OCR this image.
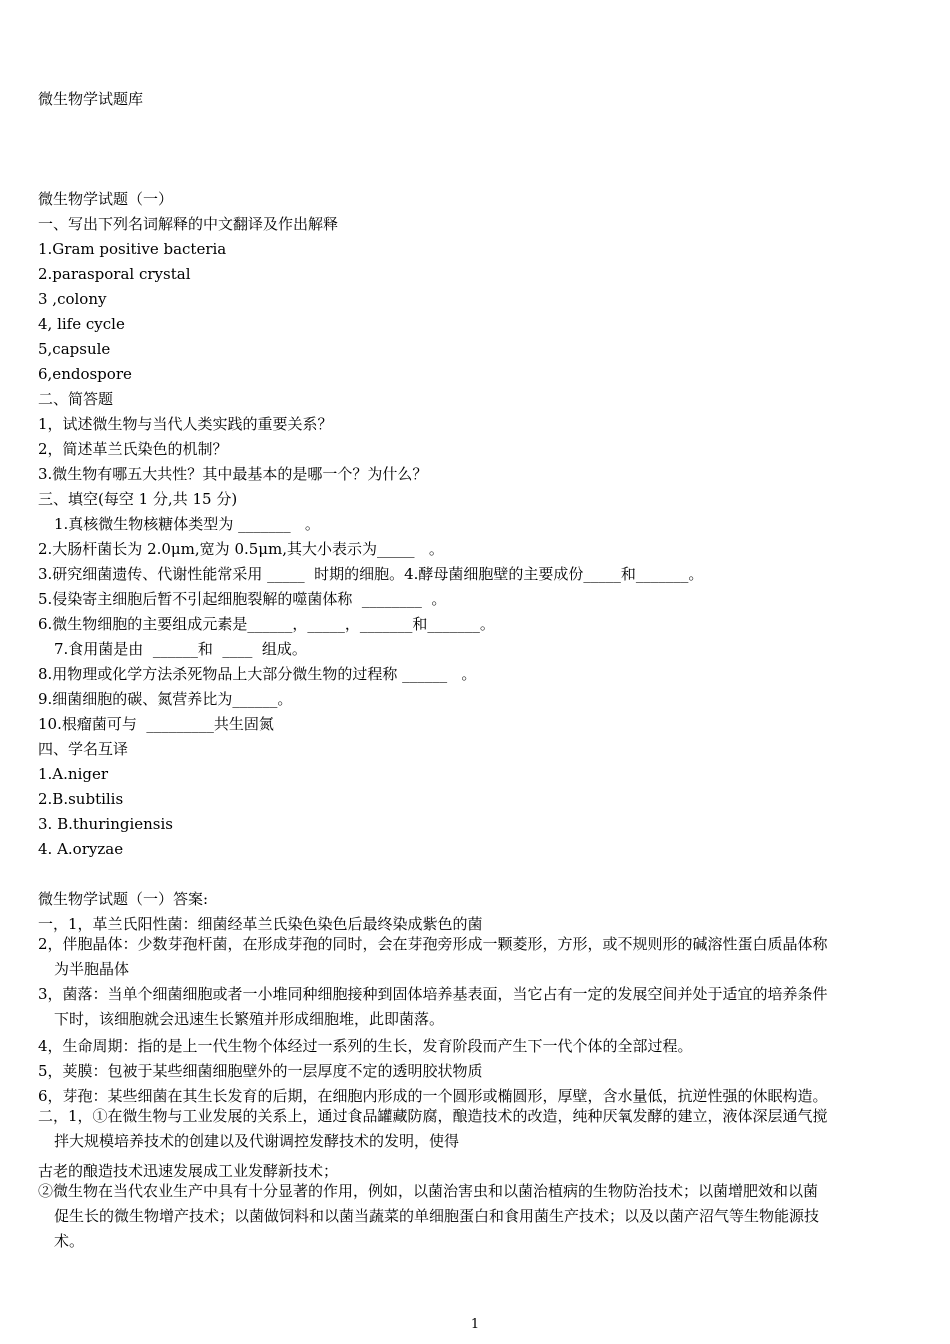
微生物学试题库
微生物学试题（一）
一、写出下列名词解释的中文翻译及作出解释
1.Gram positive bacteria
2.parasporal crystal
3 ,colony
4, life cycle
5,capsule
6,endospore
二、简答题
1，试述微生物与当代人类实践的重要关系？
2，简述革兰氏染色的机制？
3.微生物有哪五大共性？其中最基本的是哪一个？为什么？
三、填空(每空 1 分,共 15 分)
1.真核微生物核糖体类型为 _______   。
2.大肠杆菌长为 2.0μm,宽为 0.5μm,其大小表示为_____   。
3.研究细菌遗传、代谢性能常采用 _____  时期的细胞。4.酵母菌细胞壁的主要成份_____和_______。
5.侵染寄主细胞后暂不引起细胞裂解的噬菌体称  ________  。
6.微生物细胞的主要组成元素是______，_____，_______和_______。
7.食用菌是由  ______和  ____  组成。
8.用物理或化学方法杀死物品上大部分微生物的过程称 ______   。
9.细菌细胞的碳、氮营养比为______。
10.根瘤菌可与  _________共生固氮
四、学名互译
1.A.niger
2.B.subtilis
3. B.thuringiensis
4. A.oryzae
微生物学试题（一）答案:
一，1，革兰氏阳性菌：细菌经革兰氏染色染色后最终染成紫色的菌
2，伴胞晶体：少数芽孢杆菌，在形成芽孢的同时，会在芽孢旁形成一颗菱形，方形，或不规则形的碱溶性蛋白质晶体称
为半胞晶体
3，菌落：当单个细菌细胞或者一小堆同种细胞接种到固体培养基表面，当它占有一定的发展空间并处于适宜的培养条件
下时，该细胞就会迅速生长繁殖并形成细胞堆，此即菌落。
4，生命周期：指的是上一代生物个体经过一系列的生长，发育阶段而产生下一代个体的全部过程。
5，荚膜：包被于某些细菌细胞壁外的一层厚度不定的透明胶状物质
6，芽孢：某些细菌在其生长发育的后期，在细胞内形成的一个圆形或椭圆形，厚壁，含水量低，抗逆性强的休眠构造。
二，1，①在微生物与工业发展的关系上，通过食品罐藏防腐，酿造技术的改造，纯种厌氧发酵的建立，液体深层通气搅
拌大规模培养技术的创建以及代谢调控发酵技术的发明，使得
古老的酿造技术迅速发展成工业发酵新技术；
②微生物在当代农业生产中具有十分显著的作用，例如，以菌治害虫和以菌治植病的生物防治技术；以菌增肥效和以菌
促生长的微生物增产技术；以菌做饲料和以菌当蔬菜的单细胞蛋白和食用菌生产技术；以及以菌产沼气等生物能源技
术。
1
